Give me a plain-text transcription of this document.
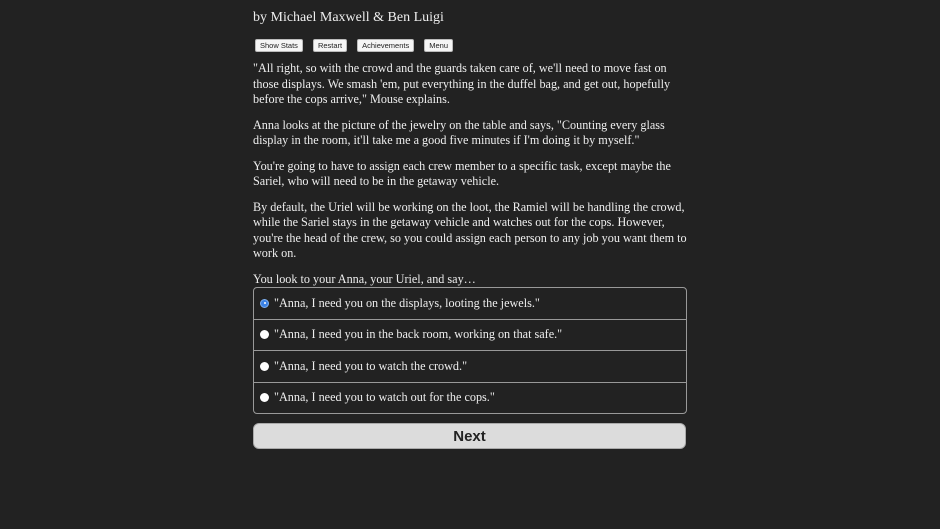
by Michael Maxwell & Ben Luigi
Show Stats	Restart	Achievements	Menu

"All right, so with the crowd and the guards taken care of, we'll need to move fast on those displays. We smash 'em, put everything in the duffel bag, and get out, hopefully before the cops arrive," Mouse explains.

Anna looks at the picture of the jewelry on the table and says, "Counting every glass display in the room, it'll take me a good five minutes if I'm doing it by myself."

You're going to have to assign each crew member to a specific task, except maybe the Sariel, who will need to be in the getaway vehicle.

By default, the Uriel will be working on the loot, the Ramiel will be handling the crowd, while the Sariel stays in the getaway vehicle and watches out for the cops. However, you're the head of the crew, so you could assign each person to any job you want them to work on.

You look to your Anna, your Uriel, and say…

"Anna, I need you on the displays, looting the jewels."
"Anna, I need you in the back room, working on that safe."
"Anna, I need you to watch the crowd."
"Anna, I need you to watch out for the cops."
Next
